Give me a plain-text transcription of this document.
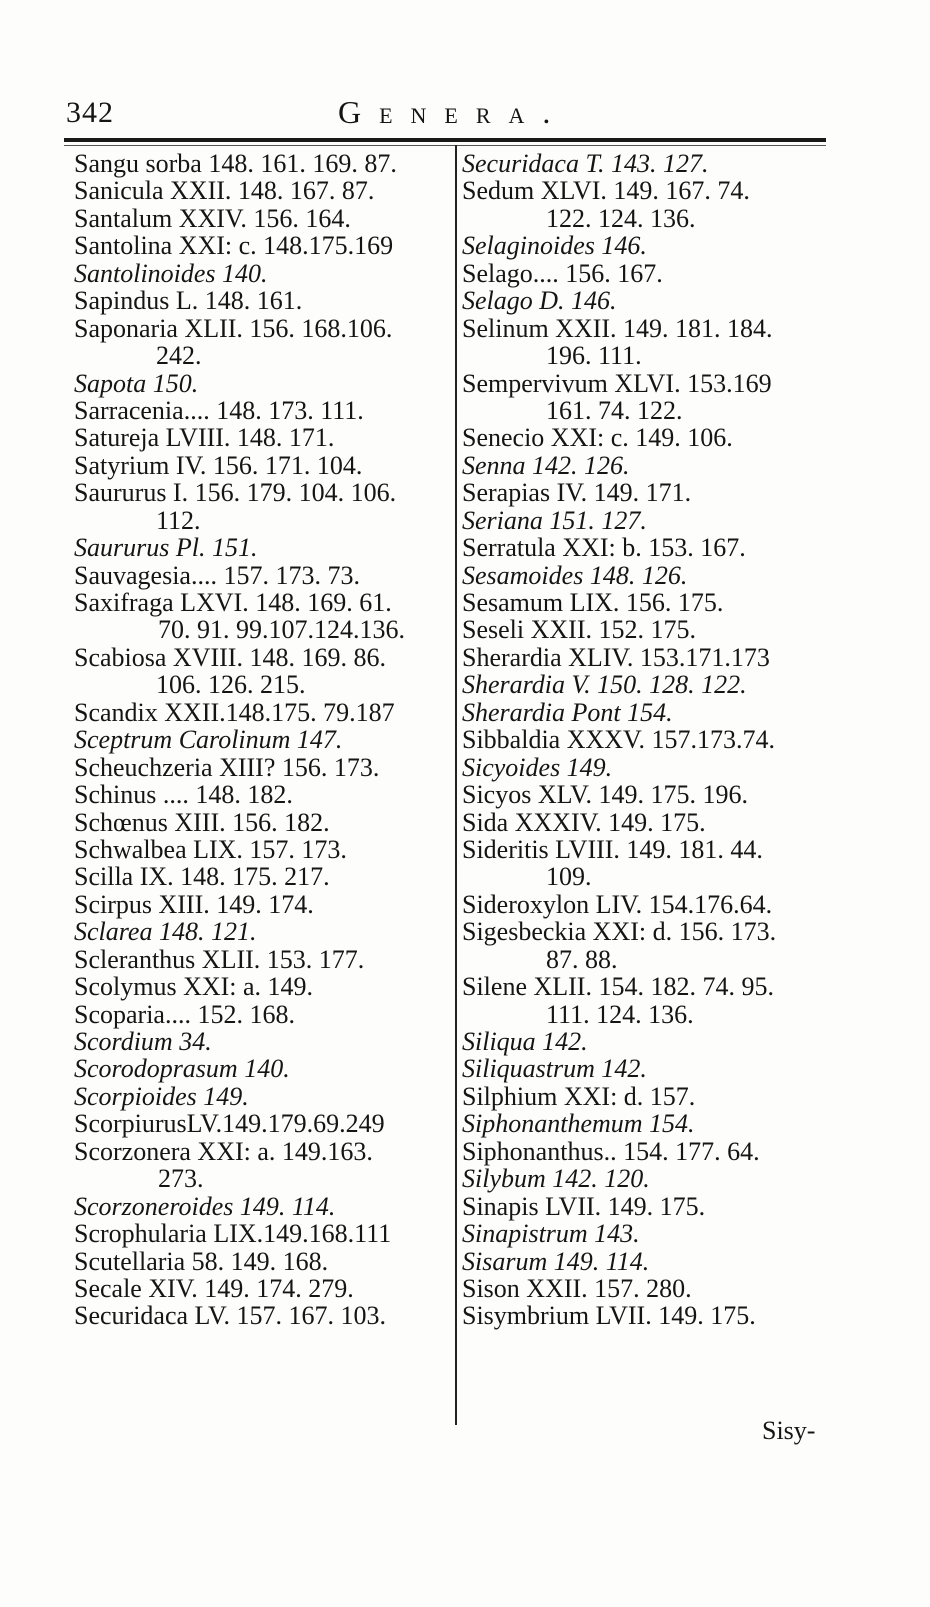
342	Genera.
Sangu sorba 148. 161. 169. 87.
Sanicula XXII. 148. 167. 87.
Santalum XXIV. 156. 164.
Santolina XXI: c. 148.175.169
Santolinoides 140.
Sapindus L. 148. 161.
Saponaria XLII. 156. 168.106.
242.
Sapota 150.
Sarracenia.... 148. 173. 111.
Satureja LVIII. 148. 171.
Satyrium IV. 156. 171. 104.
Saururus I. 156. 179. 104. 106.
112.
Saururus Pl. 151.
Sauvagesia.... 157. 173. 73.
Saxifraga LXVI. 148. 169. 61.
70. 91. 99.107.124.136.
Scabiosa XVIII. 148. 169. 86.
106. 126. 215.
Scandix XXII.148.175. 79.187
Sceptrum Carolinum 147.
Scheuchzeria XIII? 156. 173.
Schinus .... 148. 182.
Schœnus XIII. 156. 182.
Schwalbea LIX. 157. 173.
Scilla IX. 148. 175. 217.
Scirpus XIII. 149. 174.
Sclarea 148. 121.
Scleranthus XLII. 153. 177.
Scolymus XXI: a. 149.
Scoparia.... 152. 168.
Scordium 34.
Scorodoprasum 140.
Scorpioides 149.
ScorpiurusLV.149.179.69.249
Scorzonera XXI: a. 149.163.
273.
Scorzoneroides 149. 114.
Scrophularia LIX.149.168.111
Scutellaria 58. 149. 168.
Secale XIV. 149. 174. 279.
Securidaca LV. 157. 167. 103.
Securidaca T. 143. 127.
Sedum XLVI. 149. 167. 74.
122. 124. 136.
Selaginoides 146.
Selago.... 156. 167.
Selago D. 146.
Selinum XXII. 149. 181. 184.
196. 111.
Sempervivum XLVI. 153.169
161. 74. 122.
Senecio XXI: c. 149. 106.
Senna 142. 126.
Serapias IV. 149. 171.
Seriana 151. 127.
Serratula XXI: b. 153. 167.
Sesamoides 148. 126.
Sesamum LIX. 156. 175.
Seseli XXII. 152. 175.
Sherardia XLIV. 153.171.173
Sherardia V. 150. 128. 122.
Sherardia Pont 154.
Sibbaldia XXXV. 157.173.74.
Sicyoides 149.
Sicyos XLV. 149. 175. 196.
Sida XXXIV. 149. 175.
Sideritis LVIII. 149. 181. 44.
109.
Sideroxylon LIV. 154.176.64.
Sigesbeckia XXI: d. 156. 173.
87. 88.
Silene XLII. 154. 182. 74. 95.
111. 124. 136.
Siliqua 142.
Siliquastrum 142.
Silphium XXI: d. 157.
Siphonanthemum 154.
Siphonanthus.. 154. 177. 64.
Silybum 142. 120.
Sinapis LVII. 149. 175.
Sinapistrum 143.
Sisarum 149. 114.
Sison XXII. 157. 280.
Sisymbrium LVII. 149. 175.
Sisy-
